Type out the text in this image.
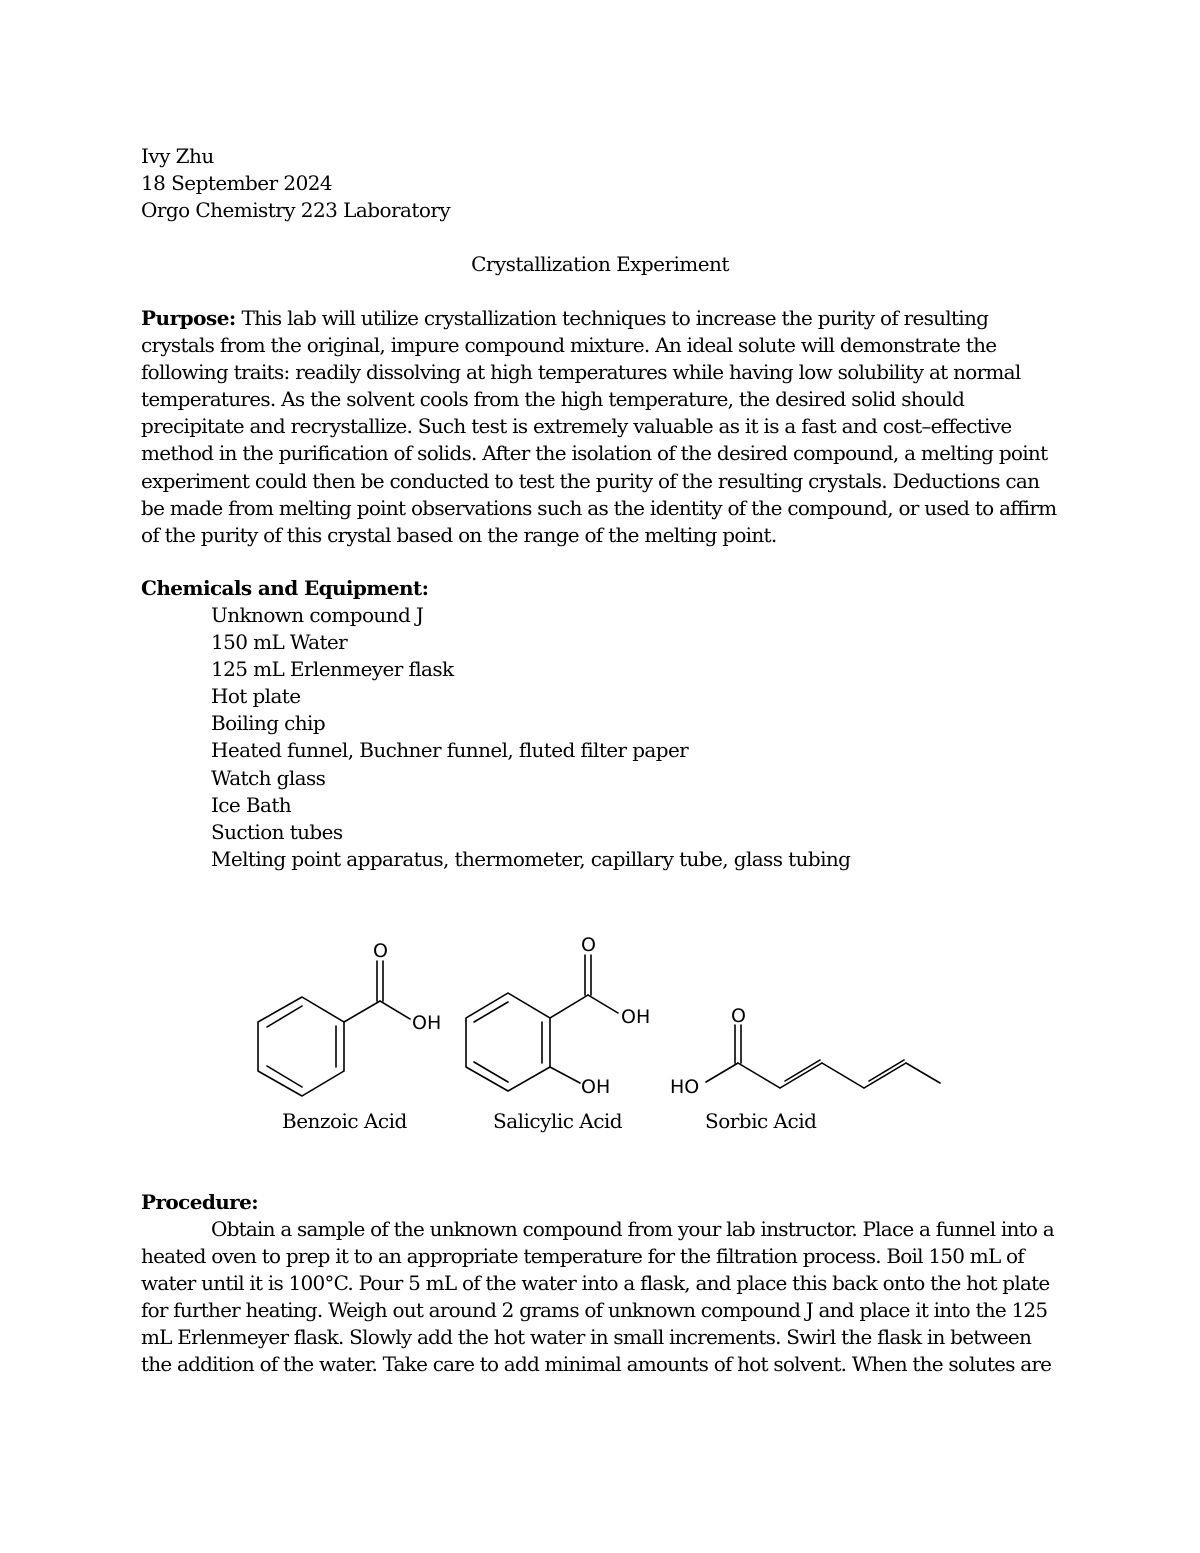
Ivy Zhu
18 September 2024
Orgo Chemistry 223 Laboratory
Crystallization Experiment
Purpose: This lab will utilize crystallization techniques to increase the purity of resulting crystals from the original, impure compound mixture. An ideal solute will demonstrate the following traits: readily dissolving at high temperatures while having low solubility at normal temperatures. As the solvent cools from the high temperature, the desired solid should precipitate and recrystallize. Such test is extremely valuable as it is a fast and cost–effective method in the purification of solids. After the isolation of the desired compound, a melting point experiment could then be conducted to test the purity of the resulting crystals. Deductions can be made from melting point observations such as the identity of the compound, or used to affirm of the purity of this crystal based on the range of the melting point.
Chemicals and Equipment:
Unknown compound J
150 mL Water
125 mL Erlenmeyer flask
Hot plate
Boiling chip
Heated funnel, Buchner funnel, fluted filter paper
Watch glass
Ice Bath
Suction tubes
Melting point apparatus, thermometer, capillary tube, glass tubing
O
OH
O
OH
OH
O
HO
Benzoic Acid	Salicylic Acid	Sorbic Acid
Procedure:
Obtain a sample of the unknown compound from your lab instructor. Place a funnel into a heated oven to prep it to an appropriate temperature for the filtration process. Boil 150 mL of water until it is 100°C. Pour 5 mL of the water into a flask, and place this back onto the hot plate for further heating. Weigh out around 2 grams of unknown compound J and place it into the 125 mL Erlenmeyer flask. Slowly add the hot water in small increments. Swirl the flask in between the addition of the water. Take care to add minimal amounts of hot solvent. When the solutes are
